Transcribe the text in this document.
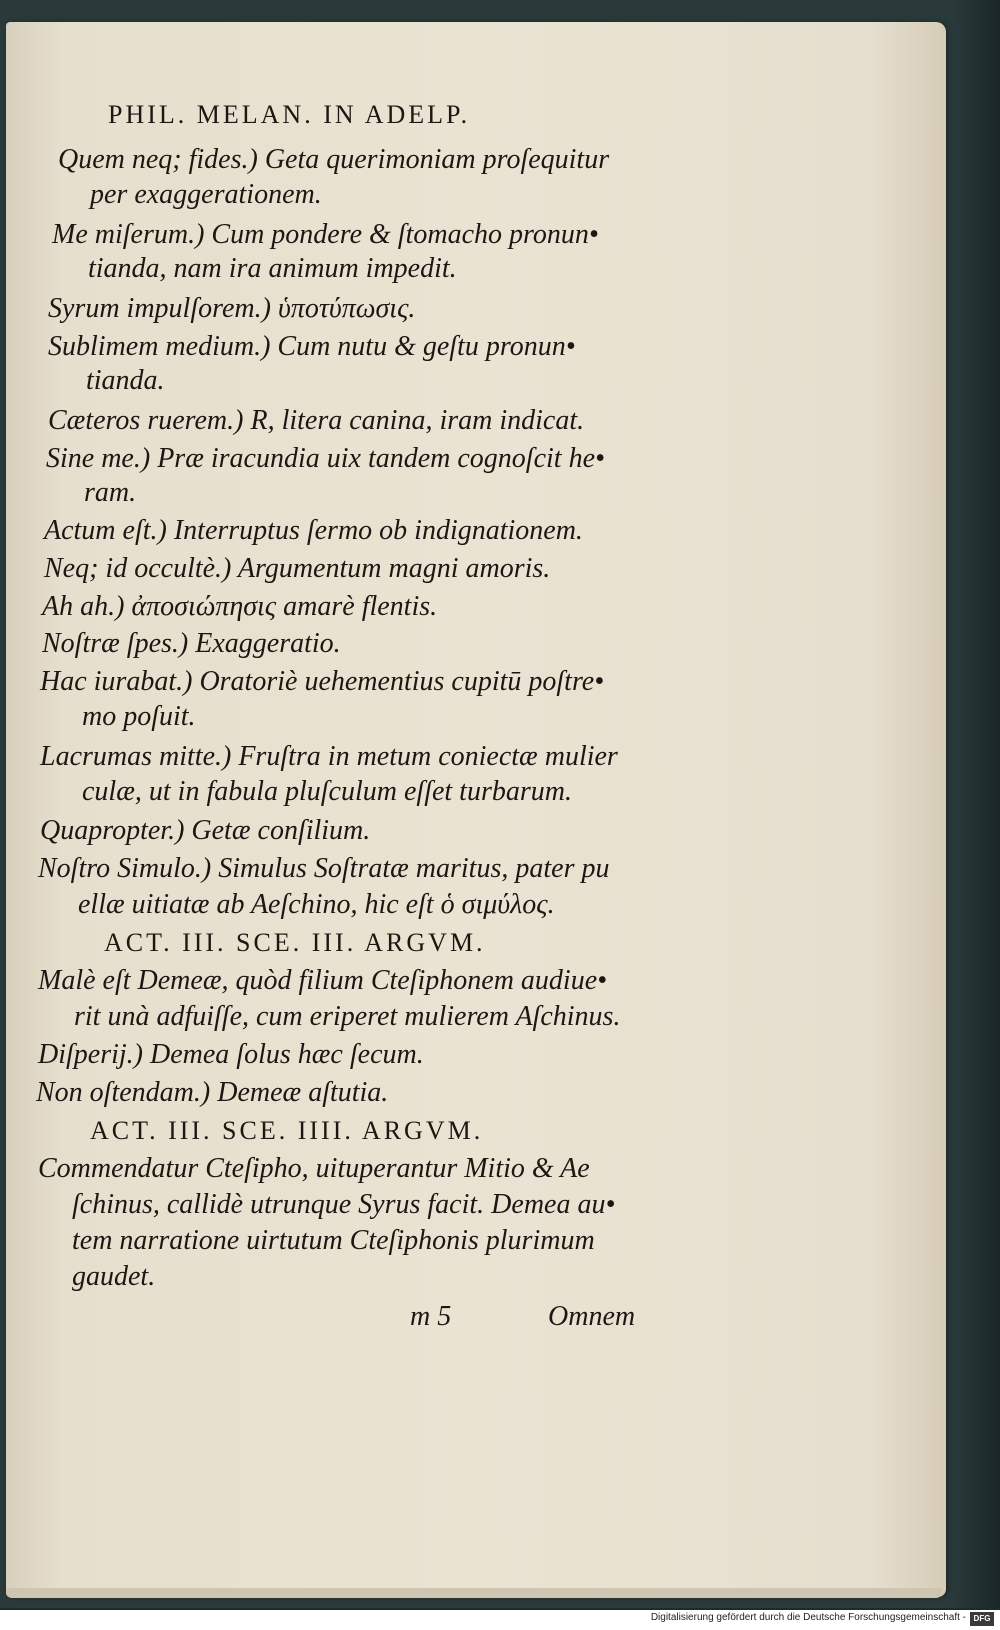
PHIL. MELAN. IN ADELP.
Quem neq; fides.) Geta querimoniam proſequitur
per exaggerationem.
Me miſerum.) Cum pondere & ſtomacho pronun•
tianda, nam ira animum impedit.
Syrum impulſorem.) ὑποτύπωσις.
Sublimem medium.) Cum nutu & geſtu pronun•
tianda.
Cæteros ruerem.) R, litera canina, iram indicat.
Sine me.) Præ iracundia uix tandem cognoſcit he•
ram.
Actum eſt.) Interruptus ſermo ob indignationem.
Neq; id occultè.) Argumentum magni amoris.
Ah ah.) ἀποσιώπησις amarè flentis.
Noſtræ ſpes.) Exaggeratio.
Hac iurabat.) Oratoriè uehementius cupitū poſtre•
mo poſuit.
Lacrumas mitte.) Fruſtra in metum coniectæ mulier
culæ, ut in fabula pluſculum eſſet turbarum.
Quapropter.) Getæ conſilium.
Noſtro Simulo.) Simulus Soſtratæ maritus, pater pu
ellæ uitiatæ ab Aeſchino, hic eſt ὁ σιμύλος.
ACT. III. SCE. III. ARGVM.
Malè eſt Demeæ, quòd filium Cteſiphonem audiue•
rit unà adfuiſſe, cum eriperet mulierem Aſchinus.
Diſperij.) Demea ſolus hæc ſecum.
Non oſtendam.) Demeæ aſtutia.
ACT. III. SCE. IIII. ARGVM.
Commendatur Cteſipho, uituperantur Mitio & Ae
ſchinus, callidè utrunque Syrus facit. Demea au•
tem narratione uirtutum Cteſiphonis plurimum
gaudet.
m 5	Omnem
Digitalisierung gefördert durch die Deutsche Forschungsgemeinschaft - DFG
